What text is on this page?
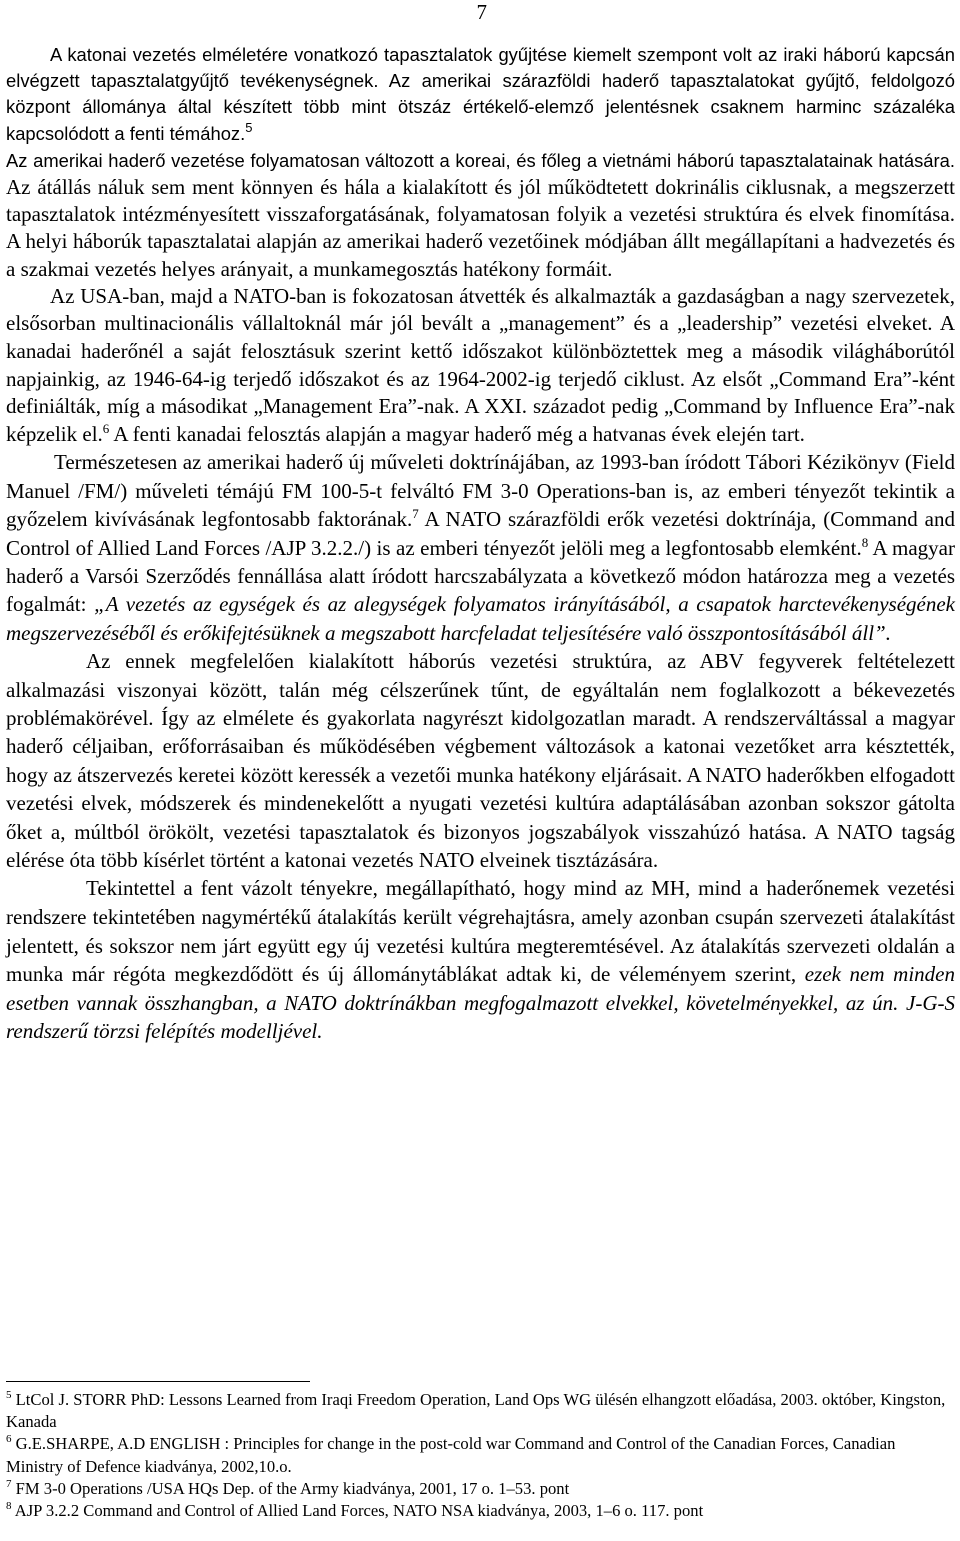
7

A katonai vezetés elméletére vonatkozó tapasztalatok gyűjtése kiemelt szempont volt az iraki háború kapcsán elvégzett tapasztalatgyűjtő tevékenységnek. Az amerikai szárazföldi haderő tapasztalatokat gyűjtő, feldolgozó központ állománya által készített több mint ötszáz értékelő-elemző jelentésnek csaknem harminc százaléka kapcsolódott a fenti témához.$^5$
Az amerikai haderő vezetése folyamatosan változott a koreai, és főleg a vietnámi háború tapasztalatainak hatására. Az átállás náluk sem ment könnyen és hála a kialakított és jól működtetett dokrinális ciklusnak, a megszerzett tapasztalatok intézményesített visszaforgatásának, folyamatosan folyik a vezetési struktúra és elvek finomítása. A helyi háborúk tapasztalatai alapján az amerikai haderő vezetőinek módjában állt megállapítani a hadvezetés és a szakmai vezetés helyes arányait, a munkamegosztás hatékony formáit.

Az USA-ban, majd a NATO-ban is fokozatosan átvették és alkalmazták a gazdaságban a nagy szervezetek, elsősorban multinacionális vállaltoknál már jól bevált a „management” és a „leadership” vezetési elveket. A kanadai haderőnél a saját felosztásuk szerint kettő időszakot különböztettek meg a második világháborútól napjainkig, az 1946-64-ig terjedő időszakot és az 1964-2002-ig terjedő ciklust. Az elsőt „Command Era”-ként definiálták, míg a másodikat „Management Era”-nak. A XXI. századot pedig „Command by Influence Era”-nak képzelik el.$^6$ A fenti kanadai felosztás alapján a magyar haderő még a hatvanas évek elején tart.

Természetesen az amerikai haderő új műveleti doktrínájában, az 1993-ban íródott Tábori Kézikönyv (Field Manuel /FM/) műveleti témájú FM 100-5-t felváltó FM 3-0 Operations-ban is, az emberi tényezőt tekintik a győzelem kivívásának legfontosabb faktorának.$^7$ A NATO szárazföldi erők vezetési doktrínája, (Command and Control of Allied Land Forces /AJP 3.2.2./) is az emberi tényezőt jelöli meg a legfontosabb elemként.$^8$ A magyar haderő a Varsói Szerződés fennállása alatt íródott harcszabályzata a következő módon határozza meg a vezetés fogalmát: „A vezetés az egységek és az alegységek folyamatos irányításából, a csapatok harctevékenységének megszervezéséből és erőkifejtésüknek a megszabott harcfeladat teljesítésére való összpontosításából áll”.

Az ennek megfelelően kialakított háborús vezetési struktúra, az ABV fegyverek feltételezett alkalmazási viszonyai között, talán még célszerűnek tűnt, de egyáltalán nem foglalkozott a békevezetés problémakörével. Így az elmélete és gyakorlata nagyrészt kidolgozatlan maradt. A rendszerváltással a magyar haderő céljaiban, erőforrásaiban és működésében végbement változások a katonai vezetőket arra késztették, hogy az átszervezés keretei között keressék a vezetői munka hatékony eljárásait. A NATO haderőkben elfogadott vezetési elvek, módszerek és mindenekelőtt a nyugati vezetési kultúra adaptálásában azonban sokszor gátolta őket a, múltból örökölt, vezetési tapasztalatok és bizonyos jogszabályok visszahúzó hatása. A NATO tagság elérése óta több kísérlet történt a katonai vezetés NATO elveinek tisztázására.

Tekintettel a fent vázolt tényekre, megállapítható, hogy mind az MH, mind a haderőnemek vezetési rendszere tekintetében nagymértékű átalakítás került végrehajtásra, amely azonban csupán szervezeti átalakítást jelentett, és sokszor nem járt együtt egy új vezetési kultúra megteremtésével. Az átalakítás szervezeti oldalán a munka már régóta megkezdődött és új állománytáblákat adtak ki, de véleményem szerint, ezek nem minden esetben vannak összhangban, a NATO doktrínákban megfogalmazott elvekkel, követelményekkel, az ún. J-G-S rendszerű törzsi felépítés modelljével.

$^5$ LtCol J. STORR PhD: Lessons Learned from Iraqi Freedom Operation, Land Ops WG ülésén elhangzott előadása, 2003. október, Kingston, Kanada

$^6$ G.E.SHARPE, A.D ENGLISH : Principles for change in the post-cold war Command and Control of the Canadian Forces, Canadian Ministry of Defence kiadványa, 2002,10.o.

$^7$ FM 3-0 Operations /USA HQs Dep. of the Army kiadványa, 2001, 17 o. 1–53. pont

$^8$ AJP 3.2.2 Command and Control of Allied Land Forces, NATO NSA kiadványa, 2003, 1–6 o. 117. pont
